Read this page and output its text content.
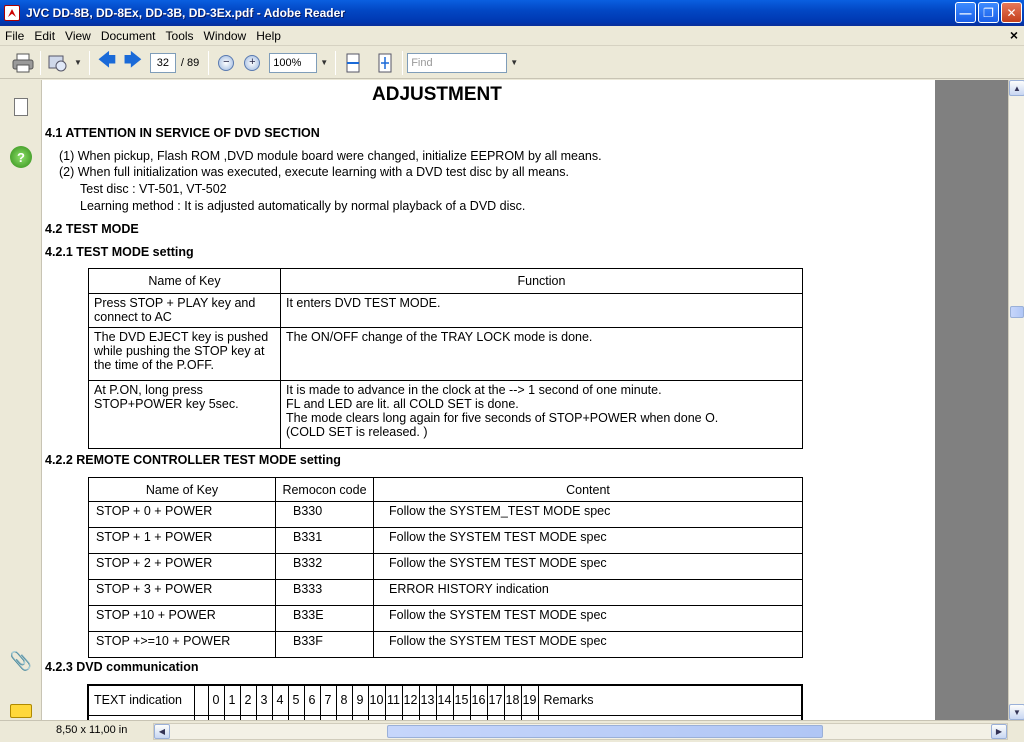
JVC DD-8B, DD-8Ex, DD-3B, DD-3Ex.pdf - Adobe Reader	— ❐	✕
File Edit View Document Tools Window Help	×
▼ 🡄 🡆	32	/ 89	−	+	100%	▼	Find	▼
?
📎
ADJUSTMENT
4.1 ATTENTION IN SERVICE OF DVD SECTION
(1) When pickup, Flash ROM ,DVD module board were changed, initialize EEPROM by all means.
(2) When full initialization was executed, execute learning with a DVD test disc by all means.
Test disc : VT-501, VT-502
Learning method : It is adjusted automatically by normal playback of a DVD disc.
4.2 TEST MODE
4.2.1 TEST MODE setting
Name of Key	Function
Press STOP + PLAY key and connect to AC	It enters DVD TEST MODE.
The DVD EJECT key is pushed while pushing the STOP key at the time of the P.OFF.	The ON/OFF change of the TRAY LOCK mode is done.
At P.ON, long press STOP+POWER key 5sec.	It is made to advance in the clock at the --> 1 second of one minute.
FL and LED are lit. all COLD SET is done.
The mode clears long again for five seconds of STOP+POWER when done O.
(COLD SET is released. )
4.2.2 REMOTE CONTROLLER TEST MODE setting
Name of Key	Remocon code	Content
STOP + 0 + POWER	B330	Follow the SYSTEM_TEST MODE spec
STOP + 1 + POWER	B331	Follow the SYSTEM TEST MODE spec
STOP + 2 + POWER	B332	Follow the SYSTEM TEST MODE spec
STOP + 3 + POWER	B333	ERROR HISTORY indication
STOP +10 + POWER	B33E	Follow the SYSTEM TEST MODE spec
STOP +>=10 + POWER	B33F	Follow the SYSTEM TEST MODE spec
4.2.3 DVD communication
TEXT indication		0	1	2	3	4	5	6	7	8	9	10	11	12	13	14	15	16	17	18	19	Remarks

▲
▼
8,50 x 11,00 in	◀	▶
